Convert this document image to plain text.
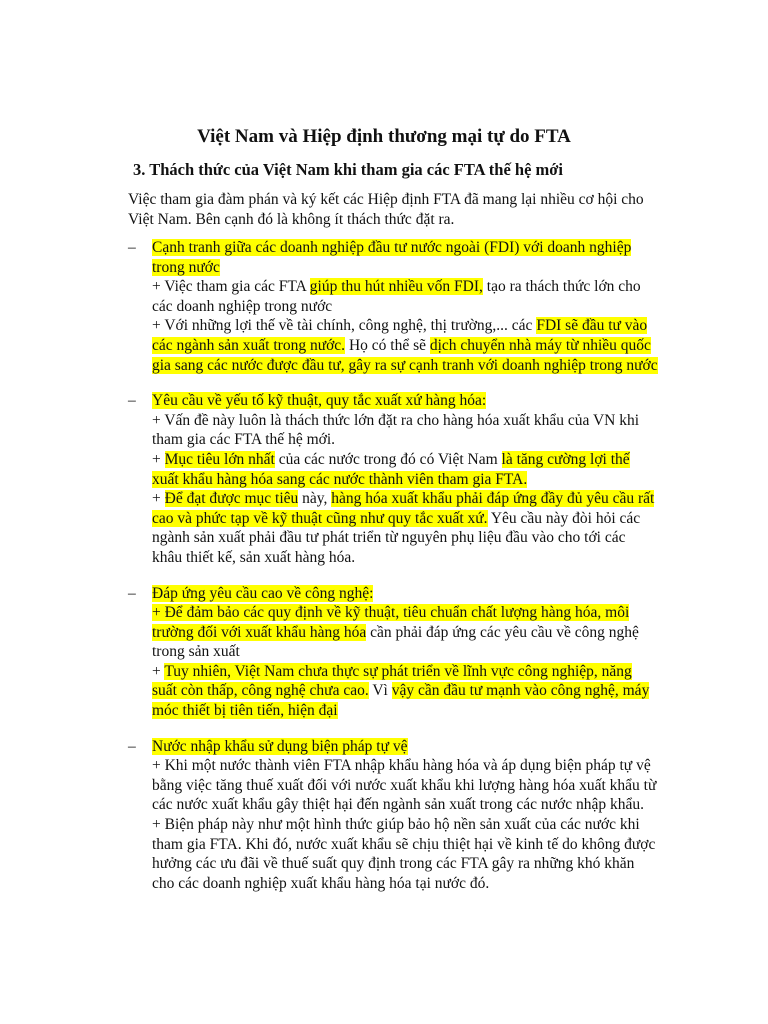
Việt Nam và Hiệp định thương mại tự do FTA
3. Thách thức của Việt Nam khi tham gia các FTA thế hệ mới

Việc tham gia đàm phán và ký kết các Hiệp định FTA đã mang lại nhiều cơ hội cho Việt Nam. Bên cạnh đó là không ít thách thức đặt ra.

– Cạnh tranh giữa các doanh nghiệp đầu tư nước ngoài (FDI) với doanh nghiệp trong nước
+ Việc tham gia các FTA giúp thu hút nhiều vốn FDI, tạo ra thách thức lớn cho các doanh nghiệp trong nước
+ Với những lợi thế về tài chính, công nghệ, thị trường,... các FDI sẽ đầu tư vào các ngành sản xuất trong nước. Họ có thể sẽ dịch chuyển nhà máy từ nhiều quốc gia sang các nước được đầu tư, gây ra sự cạnh tranh với doanh nghiệp trong nước
– Yêu cầu về yếu tố kỹ thuật, quy tắc xuất xứ hàng hóa:
+ Vấn đề này luôn là thách thức lớn đặt ra cho hàng hóa xuất khẩu của VN khi tham gia các FTA thế hệ mới.
+ Mục tiêu lớn nhất của các nước trong đó có Việt Nam là tăng cường lợi thế xuất khẩu hàng hóa sang các nước thành viên tham gia FTA.
+ Để đạt được mục tiêu này, hàng hóa xuất khẩu phải đáp ứng đầy đủ yêu cầu rất cao và phức tạp về kỹ thuật cũng như quy tắc xuất xứ. Yêu cầu này đòi hỏi các ngành sản xuất phải đầu tư phát triển từ nguyên phụ liệu đầu vào cho tới các khâu thiết kế, sản xuất hàng hóa.
– Đáp ứng yêu cầu cao về công nghệ:
+ Để đảm bảo các quy định về kỹ thuật, tiêu chuẩn chất lượng hàng hóa, môi trường đối với xuất khẩu hàng hóa cần phải đáp ứng các yêu cầu về công nghệ trong sản xuất
+ Tuy nhiên, Việt Nam chưa thực sự phát triển về lĩnh vực công nghiệp, năng suất còn thấp, công nghệ chưa cao. Vì vậy cần đầu tư mạnh vào công nghệ, máy móc thiết bị tiên tiến, hiện đại
– Nước nhập khẩu sử dụng biện pháp tự vệ
+ Khi một nước thành viên FTA nhập khẩu hàng hóa và áp dụng biện pháp tự vệ bằng việc tăng thuế xuất đối với nước xuất khẩu khi lượng hàng hóa xuất khẩu từ các nước xuất khẩu gây thiệt hại đến ngành sản xuất trong các nước nhập khẩu.
+ Biện pháp này như một hình thức giúp bảo hộ nền sản xuất của các nước khi tham gia FTA. Khi đó, nước xuất khẩu sẽ chịu thiệt hại về kinh tế do không được hưởng các ưu đãi về thuế suất quy định trong các FTA gây ra những khó khăn cho các doanh nghiệp xuất khẩu hàng hóa tại nước đó.
